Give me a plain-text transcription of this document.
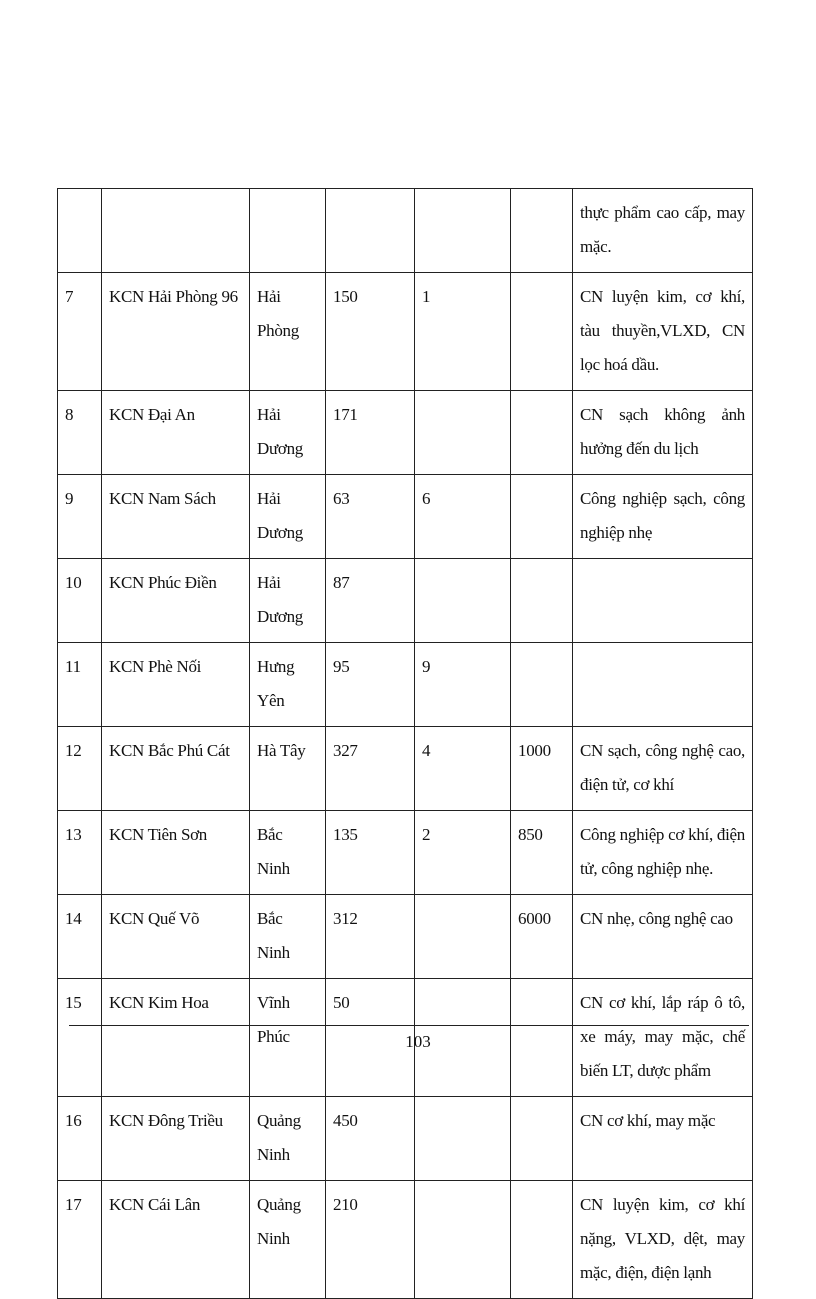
						thực phẩm cao cấp, may mặc.
7	KCN Hải Phòng 96	Hải Phòng	150	1		CN luyện kim, cơ khí, tàu thuyền,VLXD, CN lọc hoá dầu.
8	KCN Đại An	Hải Dương	171			CN sạch không ảnh hưởng đến du lịch
9	KCN Nam Sách	Hải Dương	63	6		Công nghiệp sạch, công nghiệp nhẹ
10	KCN Phúc Điền	Hải Dương	87			
11	KCN Phè Nối	Hưng Yên	95	9		
12	KCN Bắc Phú Cát	Hà Tây	327	4	1000	CN sạch, công nghệ cao, điện tử, cơ khí
13	KCN Tiên Sơn	Bắc Ninh	135	2	850	Công nghiệp cơ khí, điện tử, công nghiệp nhẹ.
14	KCN Quế Võ	Bắc Ninh	312		6000	CN nhẹ, công nghệ cao
15	KCN Kim Hoa	Vĩnh Phúc	50			CN cơ khí, lắp ráp ô tô, xe máy, may mặc, chế biến LT, dược phẩm
16	KCN Đông Triều	Quảng Ninh	450			CN cơ khí, may mặc
17	KCN Cái Lân	Quảng Ninh	210			CN luyện kim, cơ khí nặng, VLXD, dệt, may mặc, điện, điện lạnh
103
